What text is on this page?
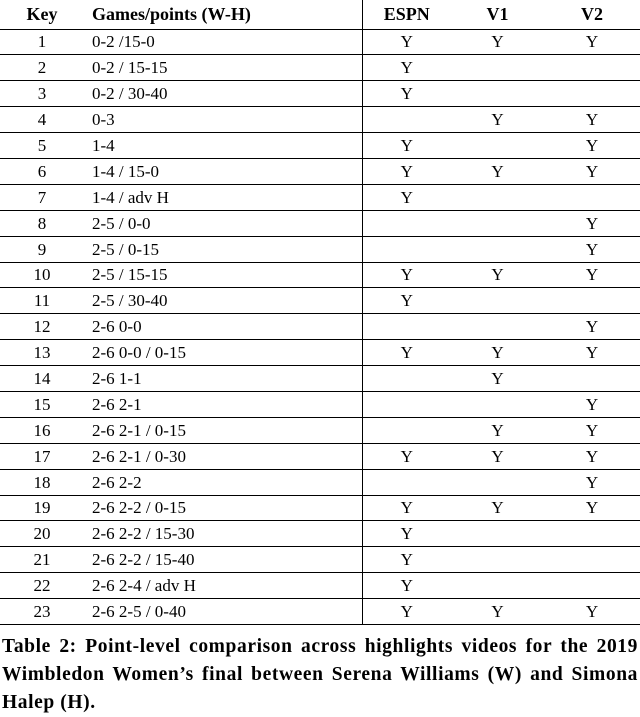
Key	Games/points (W-H)	ESPN	V1	V2
1	0-2 /15-0	Y	Y	Y
2	0-2 / 15-15	Y		
3	0-2 / 30-40	Y		
4	0-3		Y	Y
5	1-4	Y		Y
6	1-4 / 15-0	Y	Y	Y
7	1-4 / adv H	Y		
8	2-5 / 0-0			Y
9	2-5 / 0-15			Y
10	2-5 / 15-15	Y	Y	Y
11	2-5 / 30-40	Y		
12	2-6 0-0			Y
13	2-6 0-0 / 0-15	Y	Y	Y
14	2-6 1-1		Y	
15	2-6 2-1			Y
16	2-6 2-1 / 0-15		Y	Y
17	2-6 2-1 / 0-30	Y	Y	Y
18	2-6 2-2			Y
19	2-6 2-2 / 0-15	Y	Y	Y
20	2-6 2-2 / 15-30	Y		
21	2-6 2-2 / 15-40	Y		
22	2-6 2-4 / adv H	Y		
23	2-6 2-5 / 0-40	Y	Y	Y
Table 2: Point-level comparison across highlights videos for the 2019 Wimbledon Women’s final between Serena Williams (W) and Simona Halep (H).
